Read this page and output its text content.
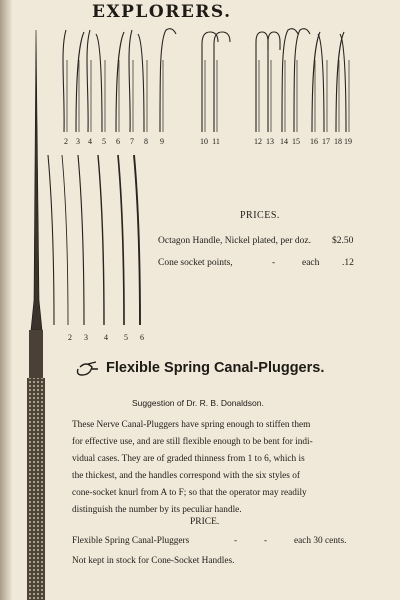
EXPLORERS.
2	3	4	5	6	7	8	9	10 11	12 13 14 15	16 17 18 19
2	3	4	5	6
PRICES.
Octagon Handle, Nickel plated, per doz. $2.50
Cone socket points,	-	each .12
Flexible Spring Canal-Pluggers.
Suggestion of Dr. R. B. Donaldson.
These Nerve Canal-Pluggers have spring enough to stiffen them
for effective use, and are still flexible enough to be bent for indi-
vidual cases. They are of graded thinness from 1 to 6, which is
the thickest, and the handles correspond with the six styles of
cone-socket knurl from A to F; so that the operator may readily
distinguish the number by its peculiar handle.
PRICE.
Flexible Spring Canal-Pluggers	-	-	each 30 cents.
Not kept in stock for Cone-Socket Handles.
